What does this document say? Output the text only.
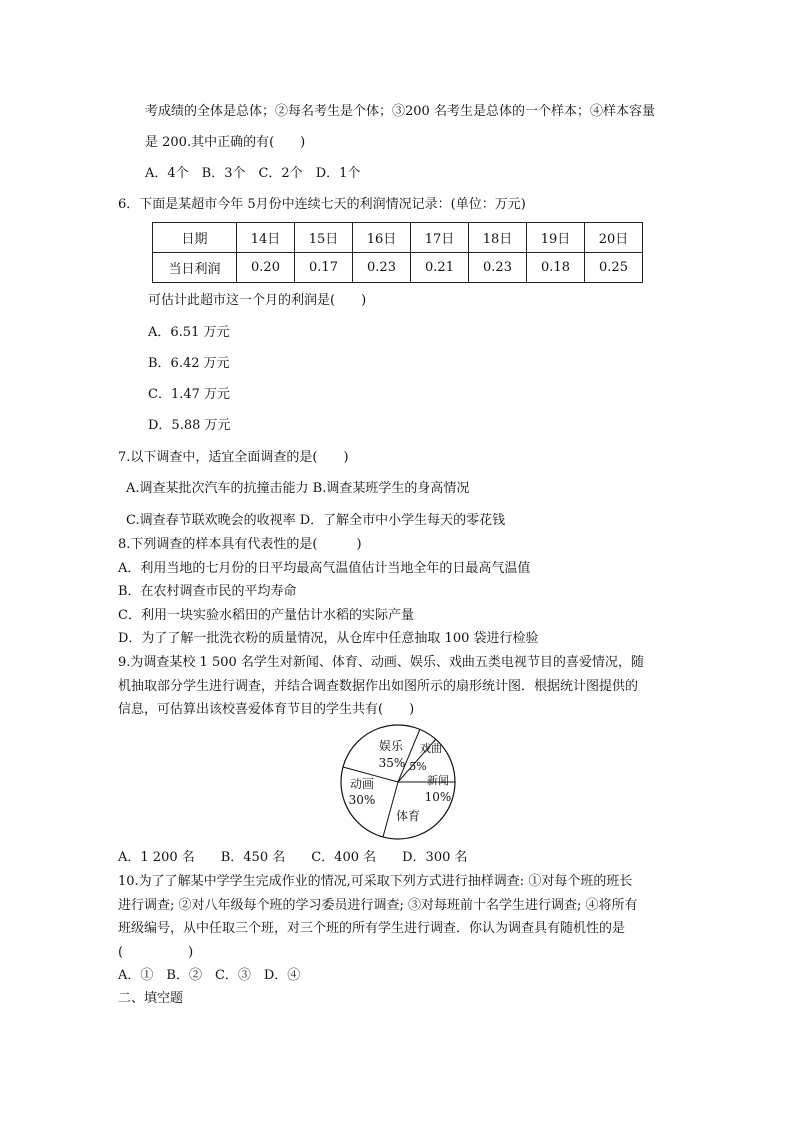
考成绩的全体是总体；②每名考生是个体；③200 名考生是总体的一个样本；④样本容量
是 200.其中正确的有(　　)
A．4个　B．3个　C．2个　D．1个
6．下面是某超市今年 5月份中连续七天的利润情况记录：(单位：万元)
日期	14日	15日	16日	17日	18日	19日	20日
当日利润	0.20	0.17	0.23	0.21	0.23	0.18	0.25
可估计此超市这一个月的利润是(　　)
A．6.51 万元
B．6.42 万元
C．1.47 万元
D．5.88 万元
7.以下调查中，适宜全面调查的是(　　)
A.调查某批次汽车的抗撞击能力 B.调查某班学生的身高情况
C.调查春节联欢晚会的收视率 D．了解全市中小学生每天的零花钱
8.下列调查的样本具有代表性的是(　　　)
A．利用当地的七月份的日平均最高气温值估计当地全年的日最高气温值
B．在农村调查市民的平均寿命
C．利用一块实验水稻田的产量估计水稻的实际产量
D．为了了解一批洗衣粉的质量情况，从仓库中任意抽取 100 袋进行检验
9.为调查某校 1 500 名学生对新闻、体育、动画、娱乐、戏曲五类电视节目的喜爱情况，随
机抽取部分学生进行调查，并结合调查数据作出如图所示的扇形统计图．根据统计图提供的
信息，可估算出该校喜爱体育节目的学生共有(　　)
娱乐
35%
戏曲
5%
新闻
10%
动画
30%
体育
A．1 200 名　　B．450 名　　C．400 名　　D．300 名
10.为了了解某中学学生完成作业的情况,可采取下列方式进行抽样调查: ①对每个班的班长
进行调查; ②对八年级每个班的学习委员进行调查; ③对每班前十名学生进行调查; ④将所有
班级编号，从中任取三个班，对三个班的所有学生进行调查．你认为调查具有随机性的是
(　　　　　)
A．①　B．②　C．③　D．④
二、填空题
